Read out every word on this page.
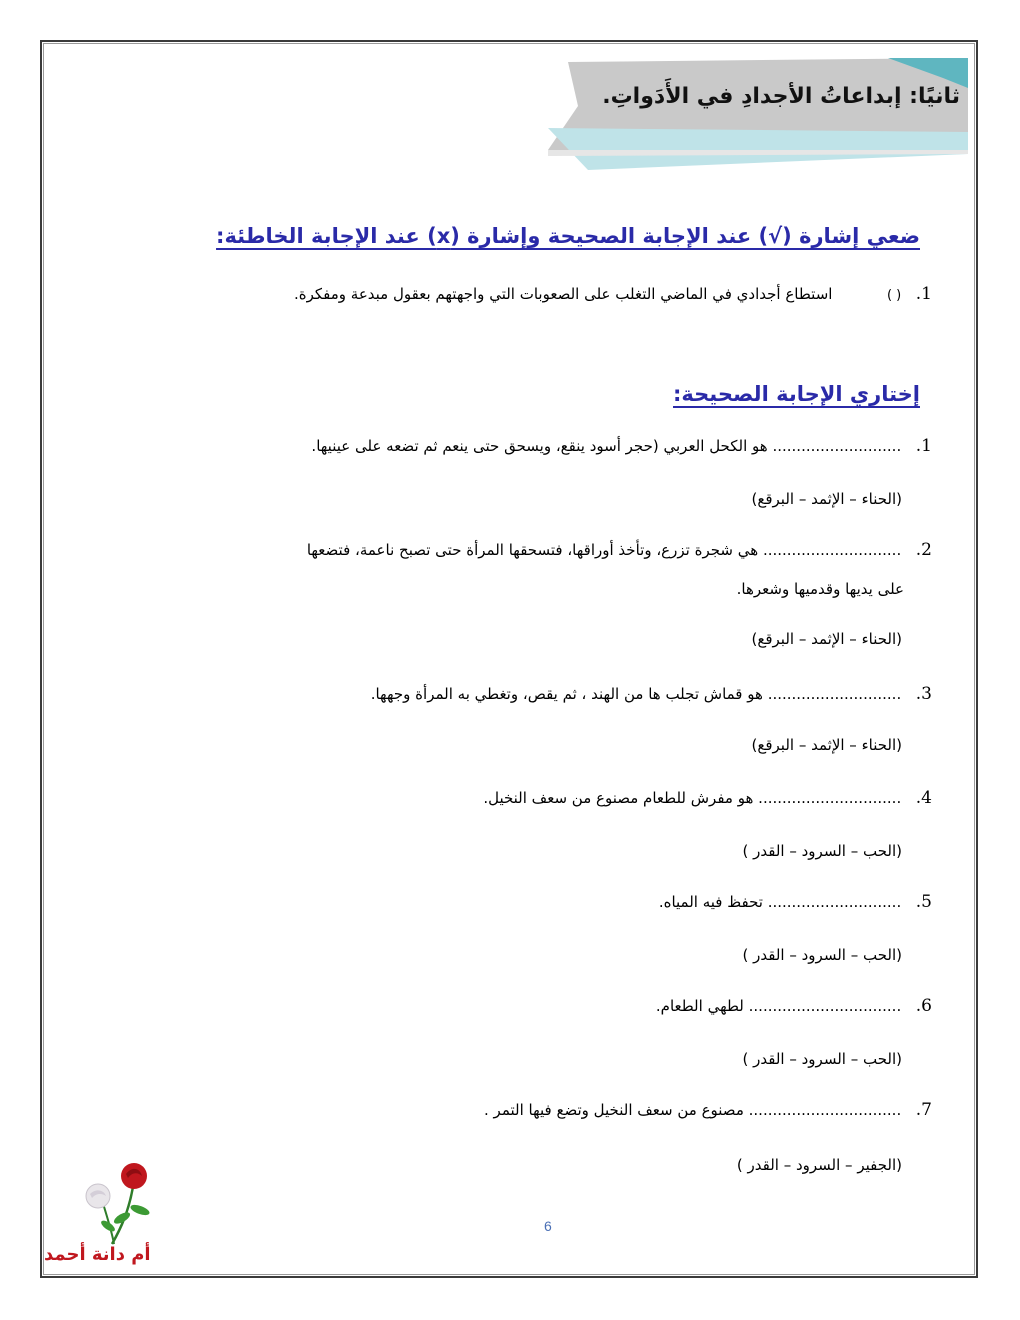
ثانيًا: إبداعاتُ الأجدادِ في الأَدَواتِ.
ضعي إشارة (√) عند الإجابة الصحيحة وإشارة (x) عند الإجابة الخاطئة:
1. ( ) استطاع أجدادي في الماضي التغلب على الصعوبات التي واجهتهم بعقول مبدعة ومفكرة.
إختاري الإجابة الصحيحة:
1. ........................... هو الكحل العربي (حجر أسود ينقع، ويسحق حتى ينعم ثم تضعه على عينيها.
(الحناء – الإثمد – البرقع)
2. ............................. هي شجرة تزرع، وتأخذ أوراقها، فتسحقها المرأة حتى تصبح ناعمة، فتضعها
على يديها وقدميها وشعرها.
(الحناء – الإثمد – البرقع)
3. ............................ هو قماش تجلب ها من الهند ، ثم يقص، وتغطي به المرأة وجهها.
(الحناء – الإثمد – البرقع)
4. .............................. هو مفرش للطعام مصنوع من سعف النخيل.
(الحب – السرود – القدر )
5. ............................ تحفظ فيه المياه.
(الحب – السرود – القدر )
6. ................................ لطهي الطعام.
(الحب – السرود – القدر )
7. ................................ مصنوع من سعف النخيل وتضع فيها التمر .
(الجفير – السرود – القدر )
6
أم دانة أحمد
